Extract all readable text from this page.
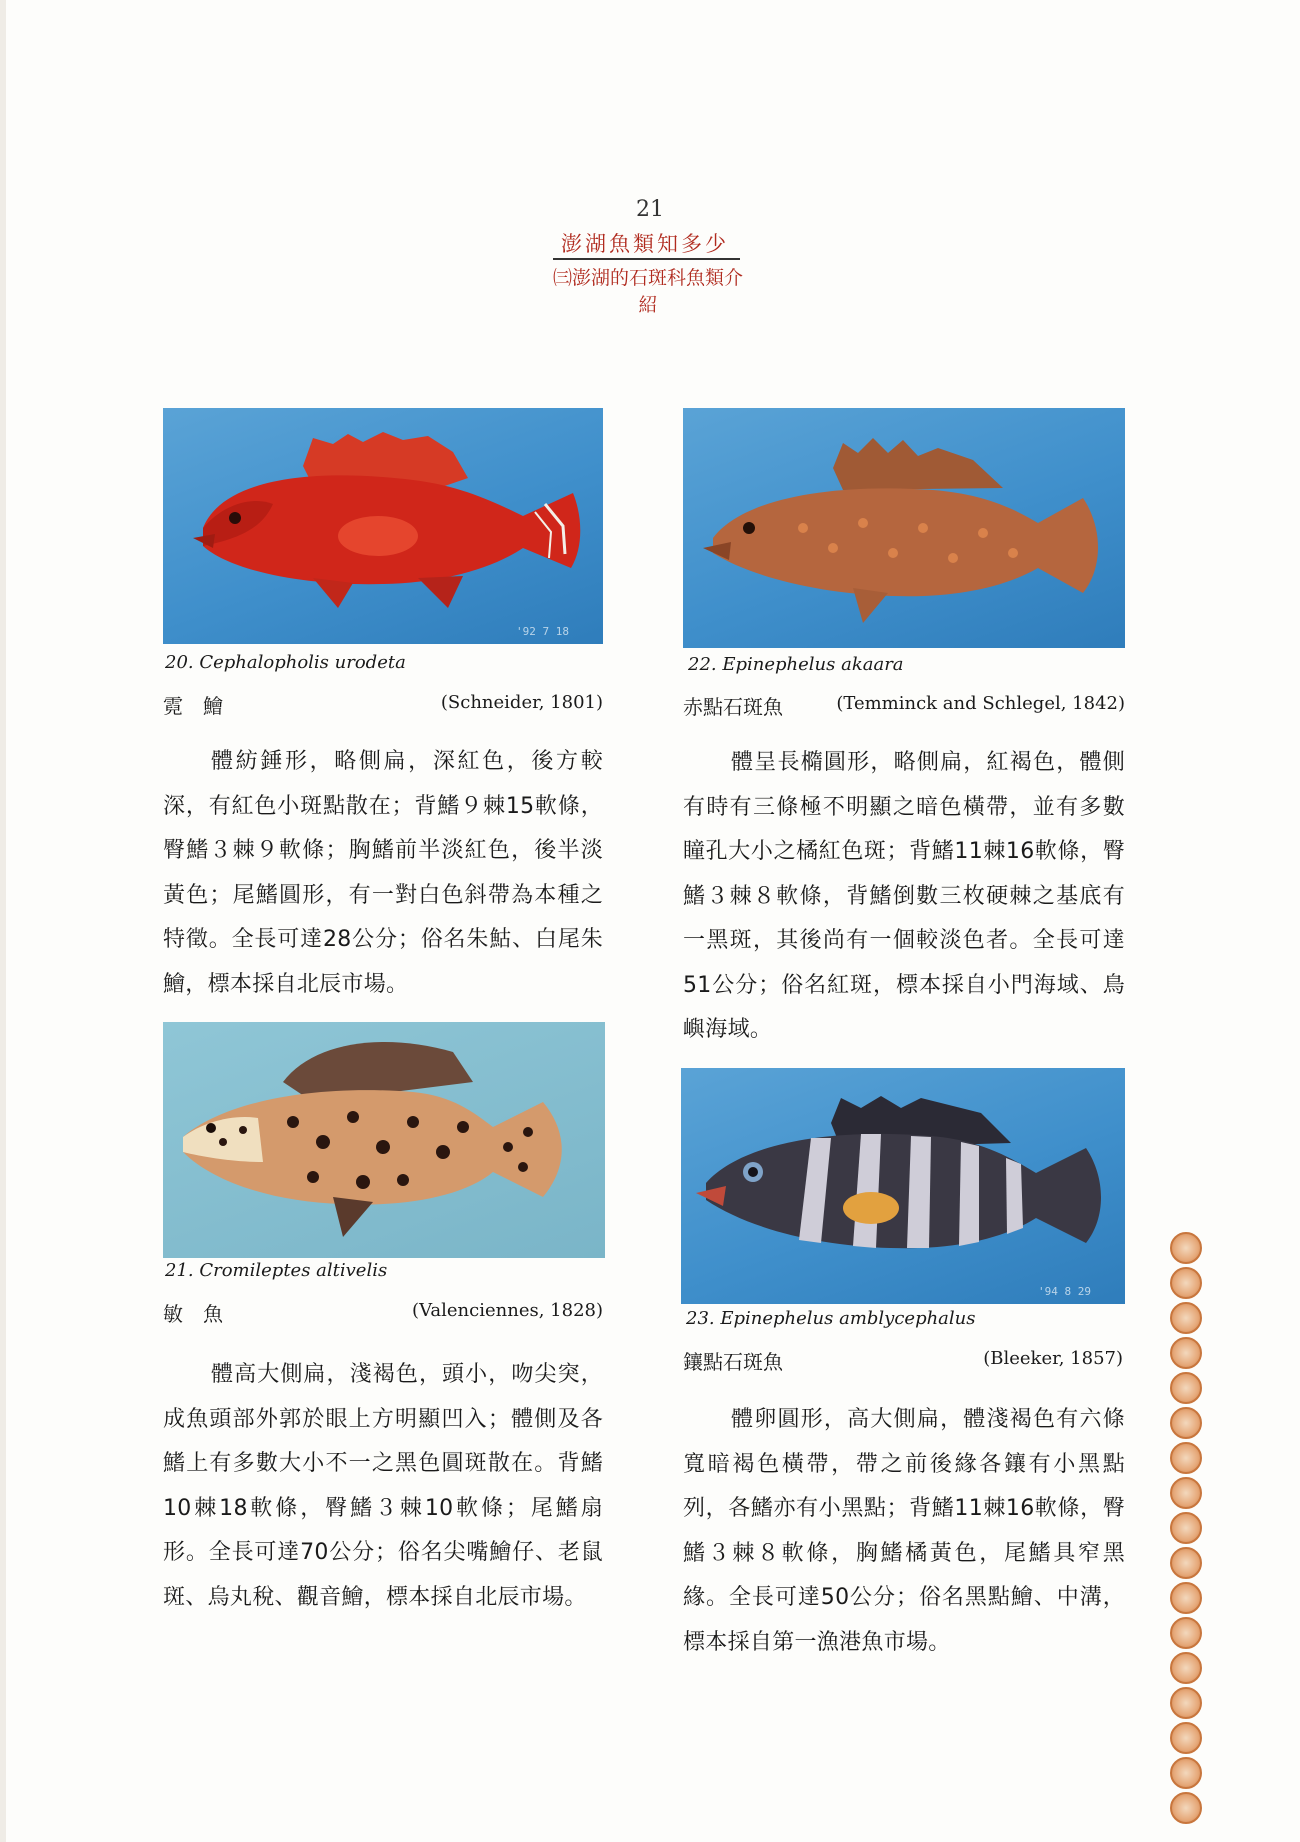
21
澎湖魚類知多少
㈢澎湖的石斑科魚類介紹
'92 7 18
20. Cephalopholis urodeta
霓　鱠	(Schneider, 1801)

體紡錘形，略側扁，深紅色，後方較深，有紅色小斑點散在；背鰭９棘15軟條，臀鰭３棘９軟條；胸鰭前半淡紅色，後半淡黃色；尾鰭圓形，有一對白色斜帶為本種之特徵。全長可達28公分；俗名朱鮕、白尾朱鱠，標本採自北辰市場。

21. Cromileptes altivelis
敏　魚	(Valenciennes, 1828)

體高大側扁，淺褐色，頭小，吻尖突，成魚頭部外郭於眼上方明顯凹入；體側及各鰭上有多數大小不一之黑色圓斑散在。背鰭10棘18軟條，臀鰭３棘10軟條；尾鰭扇形。全長可達70公分；俗名尖嘴鱠仔、老鼠斑、烏丸稅、觀音鱠，標本採自北辰市場。

22. Epinephelus akaara
赤點石斑魚	(Temminck and Schlegel, 1842)

體呈長橢圓形，略側扁，紅褐色，體側有時有三條極不明顯之暗色橫帶，並有多數瞳孔大小之橘紅色斑；背鰭11棘16軟條，臀鰭３棘８軟條，背鰭倒數三枚硬棘之基底有一黑斑，其後尚有一個較淡色者。全長可達51公分；俗名紅斑，標本採自小門海域、鳥嶼海域。

'94 8 29
23. Epinephelus amblycephalus
鑲點石斑魚	(Bleeker, 1857)

體卵圓形，高大側扁，體淺褐色有六條寬暗褐色橫帶，帶之前後緣各鑲有小黑點列，各鰭亦有小黑點；背鰭11棘16軟條，臀鰭３棘８軟條，胸鰭橘黃色，尾鰭具窄黑緣。全長可達50公分；俗名黑點鱠、中溝，標本採自第一漁港魚市場。
